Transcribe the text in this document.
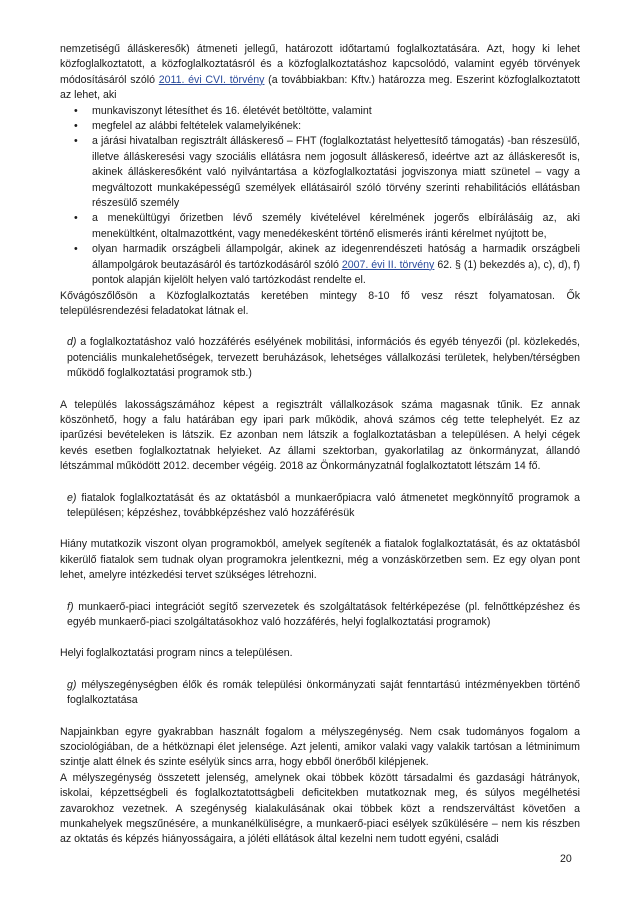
nemzetiségű álláskeresők) átmeneti jellegű, határozott időtartamú foglalkoztatására. Azt, hogy ki lehet közfoglalkoztatott, a közfoglalkoztatásról és a közfoglalkoztatáshoz kapcsolódó, valamint egyéb törvények módosításáról szóló 2011. évi CVI. törvény (a továbbiakban: Kftv.) határozza meg. Eszerint közfoglalkoztatott az lehet, aki

• munkaviszonyt létesíthet és 16. életévét betöltötte, valamint
• megfelel az alábbi feltételek valamelyikének:
• a járási hivatalban regisztrált álláskereső – FHT (foglalkoztatást helyettesítő támogatás) -ban részesülő, illetve álláskeresési vagy szociális ellátásra nem jogosult álláskereső, ideértve azt az álláskeresőt is, akinek álláskeresőként való nyilvántartása a közfoglalkoztatási jogviszonya miatt szünetel – vagy a megváltozott munkaképességű személyek ellátásairól szóló törvény szerinti rehabilitációs ellátásban részesülő személy
• a menekültügyi őrizetben lévő személy kivételével kérelmének jogerős elbírálásáig az, aki menekültként, oltalmazottként, vagy menedékesként történő elismerés iránti kérelmet nyújtott be,
• olyan harmadik országbeli állampolgár, akinek az idegenrendészeti hatóság a harmadik országbeli állampolgárok beutazásáról és tartózkodásáról szóló 2007. évi II. törvény 62. § (1) bekezdés a), c), d), f) pontok alapján kijelölt helyen való tartózkodást rendelte el.

Kővágószőlősön a Közfoglalkoztatás keretében mintegy 8-10 fő vesz részt folyamatosan. Ők településrendezési feladatokat látnak el.

d) a foglalkoztatáshoz való hozzáférés esélyének mobilitási, információs és egyéb tényezői (pl. közlekedés, potenciális munkalehetőségek, tervezett beruházások, lehetséges vállalkozási területek, helyben/térségben működő foglalkoztatási programok stb.)

A település lakosságszámához képest a regisztrált vállalkozások száma magasnak tűnik. Ez annak köszönhető, hogy a falu határában egy ipari park működik, ahová számos cég tette telephelyét. Ez az iparűzési bevételeken is látszik. Ez azonban nem látszik a foglalkoztatásban a településen. A helyi cégek kevés esetben foglalkoztatnak helyieket. Az állami szektorban, gyakorlatilag az önkormányzat, állandó létszámmal működött 2012. december végéig. 2018 az Önkormányzatnál foglalkoztatott létszám 14 fő.

e) fiatalok foglalkoztatását és az oktatásból a munkaerőpiacra való átmenetet megkönnyítő programok a településen; képzéshez, továbbképzéshez való hozzáférésük

Hiány mutatkozik viszont olyan programokból, amelyek segítenék a fiatalok foglalkoztatását, és az oktatásból kikerülő fiatalok sem tudnak olyan programokra jelentkezni, még a vonzáskörzetben sem. Ez egy olyan pont lehet, amelyre intézkedési tervet szükséges létrehozni.

f) munkaerő-piaci integrációt segítő szervezetek és szolgáltatások feltérképezése (pl. felnőttképzéshez és egyéb munkaerő-piaci szolgáltatásokhoz való hozzáférés, helyi foglalkoztatási programok)

Helyi foglalkoztatási program nincs a településen.

g) mélyszegénységben élők és romák települési önkormányzati saját fenntartású intézményekben történő foglalkoztatása

Napjainkban egyre gyakrabban használt fogalom a mélyszegénység. Nem csak tudományos fogalom a szociológiában, de a hétköznapi élet jelensége. Azt jelenti, amikor valaki vagy valakik tartósan a létminimum szintje alatt élnek és szinte esélyük sincs arra, hogy ebből önerőből kilépjenek.

A mélyszegénység összetett jelenség, amelynek okai többek között társadalmi és gazdasági hátrányok, iskolai, képzettségbeli és foglalkoztatottságbeli deficitekben mutatkoznak meg, és súlyos megélhetési zavarokhoz vezetnek. A szegénység kialakulásának okai többek közt a rendszerváltást követően a munkahelyek megszűnésére, a munkanélküliségre, a munkaerő-piaci esélyek szűkülésére – nem kis részben az oktatás és képzés hiányosságaira, a jóléti ellátások által kezelni nem tudott egyéni, családi

20
